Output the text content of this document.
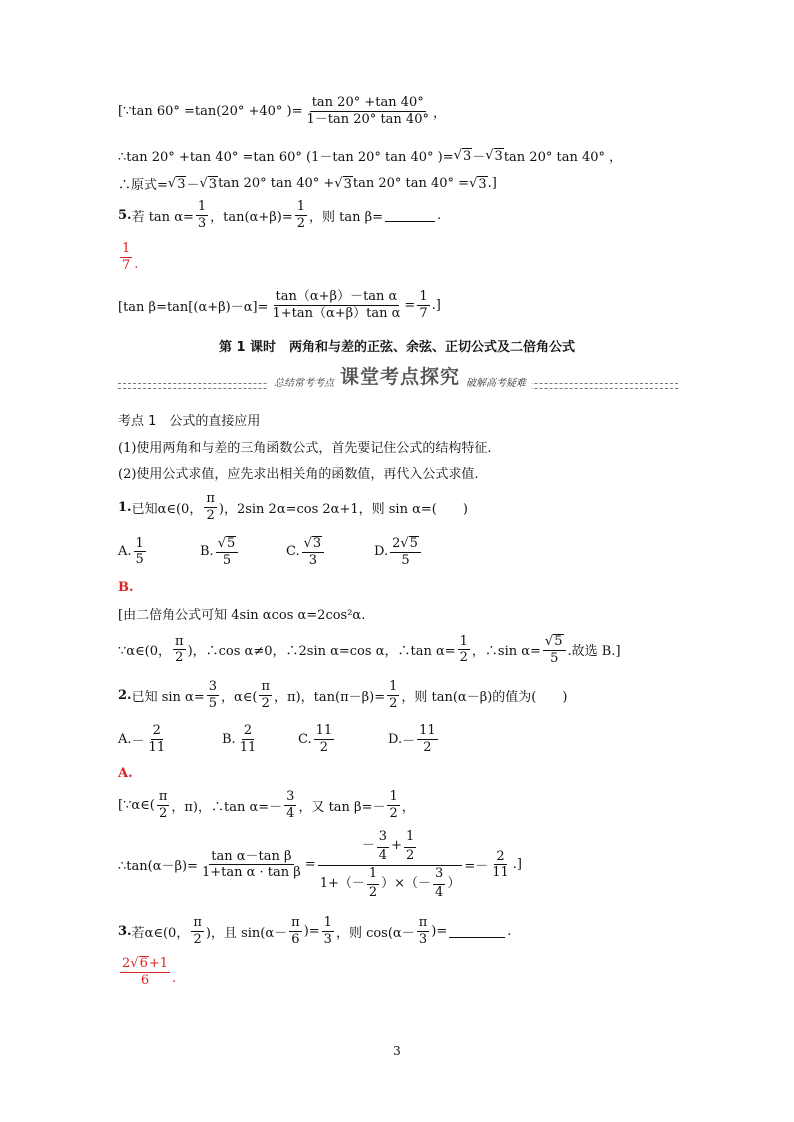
[∵tan 60° =tan(20° +40° )= $\frac{\tan 20^\circ +\tan 40^\circ}{1-\tan 20^\circ \tan 40^\circ}$ ，
∴tan 20° +tan 40° =tan 60° (1－tan 20° tan 40° )= √ 3 － √ 3 tan 20° tan 40° ，
∴原式= √ 3 － √ 3 tan 20° tan 40° + √ 3 tan 20° tan 40° = √ 3 .]
5. 若 $\tan \alpha= \frac{1}{3}$ ，$\tan(\alpha+\beta)= \frac{1}{2}$ ，则 tan β=	.
$\frac{1}{7}$ .
[tan $\beta=\tan[(\alpha+\beta)-\alpha]= \frac{\text{tan（α+β）－tan α}}{\text{1+tan（α+β）tan α}} = \frac{1}{7}$ .]
第 1 课时　两角和与差的正弦、余弦、正切公式及二倍角公式
总结常考考点 课堂考点探究 破解高考疑难
考点 1　公式的直接应用
(1)使用两角和与差的三角函数公式，首先要记住公式的结构特征.
(2)使用公式求值，应先求出相关角的函数值，再代入公式求值.
1. 已知α∈(0， $\frac{\pi}{2}$ )，2sin 2α=cos 2α+1，则 sin α=(　　)
A. $\frac{1}{5}$	B. $\frac{√ 5}{5}$	C. $\frac{√ 3}{3}$	D. $\frac{2√ 5}{5}$
B.
[由二倍角公式可知 4sin αcos α=2cos²α.
∵α∈(0， $\frac{\pi}{2}$ )，∴cos α≠0，∴2sin α=cos α，∴tan $\alpha= \frac{1}{2}$ ，∴sin $\alpha= \frac{√ 5}{5}$ .故选 B.]
2. 已知 $\sin \alpha= \frac{3}{5}$ ，α∈( $\frac{\pi}{2}$ ，π)，$\tan(\pi-\beta)= \frac{1}{2}$ ，则 tan(α－β)的值为(　　)
A. － $\frac{2}{11}$	B. $\frac{2}{11}$	C. $\frac{11}{2}$	D. － $\frac{11}{2}$
A.
[∵α∈( $\frac{\pi}{2}$ ，π)，∴tan $\alpha=- \frac{3}{4}$ ，又 $\tan \beta=- \frac{1}{2}$ ，
∴tan(α－β)= $\frac{\text{tan α－tan β}}{\text{1+tan α · tan β}} = \frac{- \frac{3}{4} + \frac{1}{2}}{1+(- \frac{1}{2} )\times(- \frac{3}{4} )} =- \frac{2}{11}$ .]
3. 若α∈(0， $\frac{\pi}{2}$ )，且 $\sin(\alpha- \frac{\pi}{6}$ )= $\frac{1}{3}$ ，则 $\cos(\alpha- \frac{\pi}{3}$ )=	.
$\frac{2√ 6 +1}{6}$ .
3
